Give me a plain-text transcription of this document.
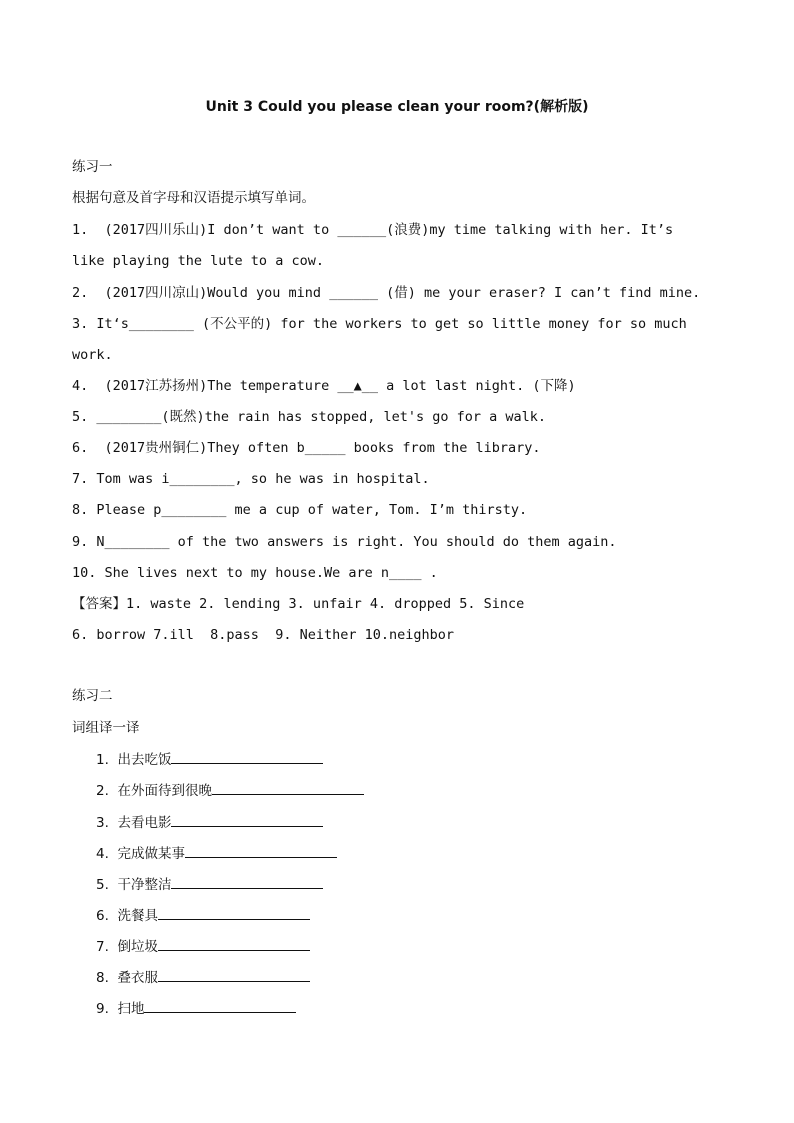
Unit 3 Could you please clean your room?(解析版)
练习一
根据句意及首字母和汉语提示填写单词。
1.  (2017四川乐山)I don’t want to ______(浪费)my time talking with her. It’s
like playing the lute to a cow.
2.  (2017四川凉山)Would you mind ______ (借) me your eraser? I can’t find mine.
3. It‘s________ (不公平的) for the workers to get so little money for so much
work.
4.  (2017江苏扬州)The temperature __▲__ a lot last night. (下降)
5. ________(既然)the rain has stopped, let's go for a walk.
6.  (2017贵州铜仁)They often b_____ books from the library.
7. Tom was i________, so he was in hospital.
8. Please p________ me a cup of water, Tom. I’m thirsty.
9. N________ of the two answers is right. You should do them again.
10. She lives next to my house.We are n____ .
【答案】1. waste 2. lending 3. unfair 4. dropped 5. Since
6. borrow 7.ill  8.pass  9. Neither 10.neighbor
练习二
词组译一译
1.  出去吃饭
2.  在外面待到很晚
3.  去看电影
4.  完成做某事
5.  干净整洁
6.  洗餐具
7.  倒垃圾
8.  叠衣服
9.  扫地
